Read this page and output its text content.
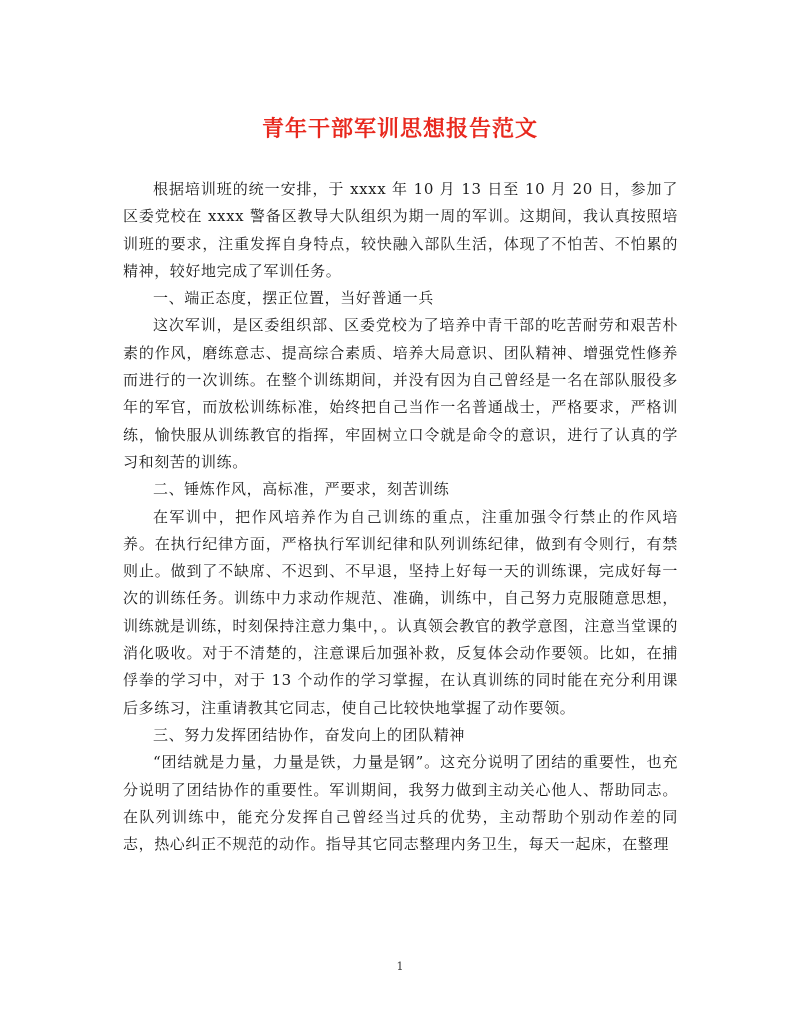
青年干部军训思想报告范文

根据培训班的统一安排，于 xxxx 年 10 月 13 日至 10 月 20 日，参加了区委党校在 xxxx 警备区教导大队组织为期一周的军训。这期间，我认真按照培训班的要求，注重发挥自身特点，较快融入部队生活，体现了不怕苦、不怕累的精神，较好地完成了军训任务。

一、端正态度，摆正位置，当好普通一兵

这次军训，是区委组织部、区委党校为了培养中青干部的吃苦耐劳和艰苦朴素的作风，磨练意志、提高综合素质、培养大局意识、团队精神、增强党性修养而进行的一次训练。在整个训练期间，并没有因为自己曾经是一名在部队服役多年的军官，而放松训练标准，始终把自己当作一名普通战士，严格要求，严格训练，愉快服从训练教官的指挥，牢固树立口令就是命令的意识，进行了认真的学习和刻苦的训练。

二、锤炼作风，高标准，严要求，刻苦训练

在军训中，把作风培养作为自己训练的重点，注重加强令行禁止的作风培养。在执行纪律方面，严格执行军训纪律和队列训练纪律，做到有令则行，有禁则止。做到了不缺席、不迟到、不早退，坚持上好每一天的训练课，完成好每一次的训练任务。训练中力求动作规范、准确，训练中，自己努力克服随意思想，训练就是训练，时刻保持注意力集中，。认真领会教官的教学意图，注意当堂课的消化吸收。对于不清楚的，注意课后加强补救，反复体会动作要领。比如，在捕俘拳的学习中，对于 13 个动作的学习掌握，在认真训练的同时能在充分利用课后多练习，注重请教其它同志，使自己比较快地掌握了动作要领。

三、努力发挥团结协作，奋发向上的团队精神

“团结就是力量，力量是铁，力量是钢”。这充分说明了团结的重要性，也充分说明了团结协作的重要性。军训期间，我努力做到主动关心他人、帮助同志。在队列训练中，能充分发挥自己曾经当过兵的优势，主动帮助个别动作差的同志，热心纠正不规范的动作。指导其它同志整理内务卫生，每天一起床，在整理

1
